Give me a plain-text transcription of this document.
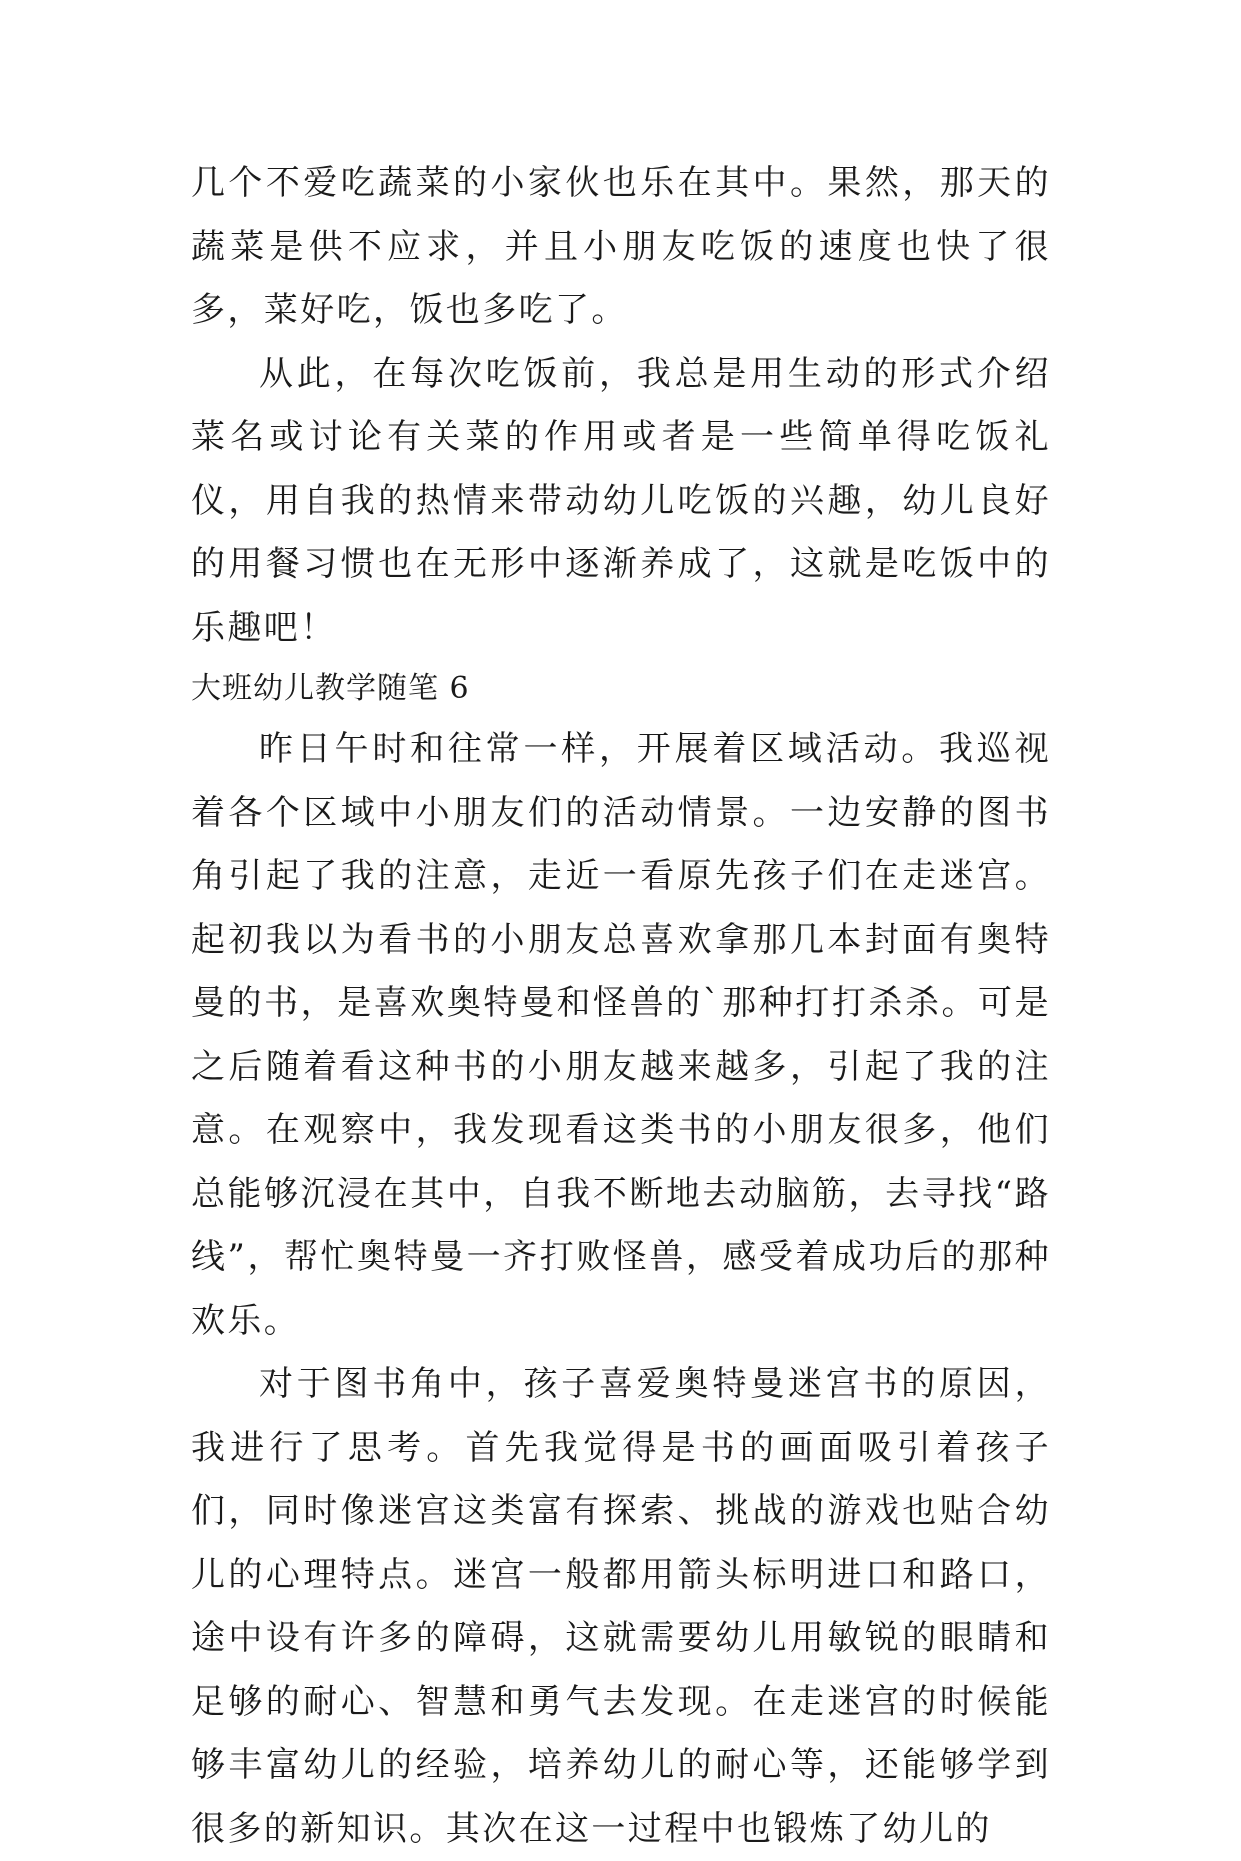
几个不爱吃蔬菜的小家伙也乐在其中。果然，那天的蔬菜是供不应求，并且小朋友吃饭的速度也快了很多，菜好吃，饭也多吃了。

从此，在每次吃饭前，我总是用生动的形式介绍菜名或讨论有关菜的作用或者是一些简单得吃饭礼仪，用自我的热情来带动幼儿吃饭的兴趣，幼儿良好的用餐习惯也在无形中逐渐养成了，这就是吃饭中的乐趣吧！

大班幼儿教学随笔 6

昨日午时和往常一样，开展着区域活动。我巡视着各个区域中小朋友们的活动情景。一边安静的图书角引起了我的注意，走近一看原先孩子们在走迷宫。起初我以为看书的小朋友总喜欢拿那几本封面有奥特曼的书，是喜欢奥特曼和怪兽的`那种打打杀杀。可是之后随着看这种书的小朋友越来越多，引起了我的注意。在观察中，我发现看这类书的小朋友很多，他们总能够沉浸在其中，自我不断地去动脑筋，去寻找“路线”，帮忙奥特曼一齐打败怪兽，感受着成功后的那种欢乐。

对于图书角中，孩子喜爱奥特曼迷宫书的原因，我进行了思考。首先我觉得是书的画面吸引着孩子们，同时像迷宫这类富有探索、挑战的游戏也贴合幼儿的心理特点。迷宫一般都用箭头标明进口和路口，途中设有许多的障碍，这就需要幼儿用敏锐的眼睛和足够的耐心、智慧和勇气去发现。在走迷宫的时候能够丰富幼儿的经验，培养幼儿的耐心等，还能够学到很多的新知识。其次在这一过程中也锻炼了幼儿的
